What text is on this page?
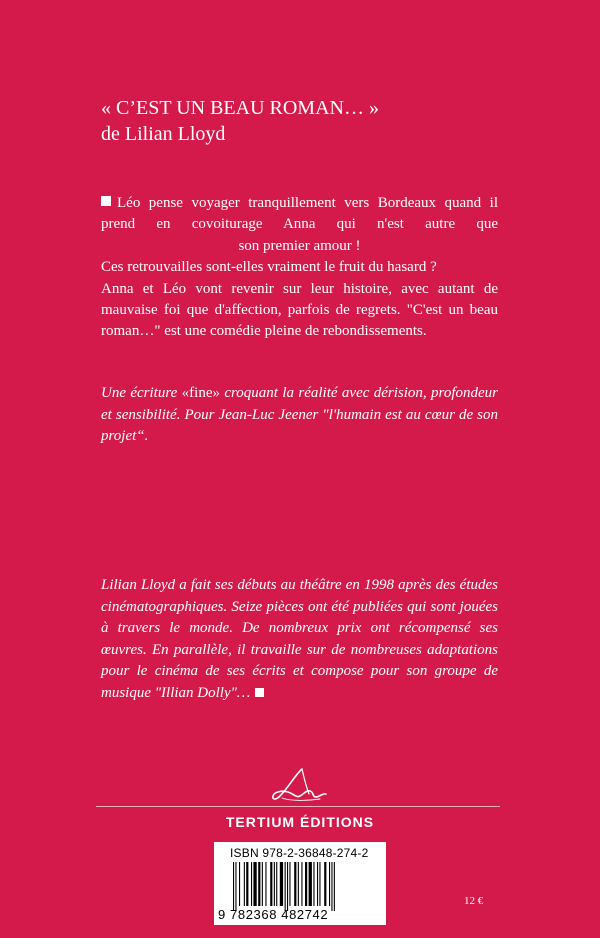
« C’EST UN BEAU ROMAN… »
de Lilian Lloyd

Léo pense voyager tranquillement vers Bordeaux quand il prend en covoiturage Anna qui n'est autre que

son premier amour !

Ces retrouvailles sont-elles vraiment le fruit du hasard ?

Anna et Léo vont revenir sur leur histoire, avec autant de mauvaise foi que d'affection, parfois de regrets. "C'est un beau roman…" est une comédie pleine de rebondissements.

Une écriture «fine» croquant la réalité avec dérision, profondeur et sensibilité. Pour Jean-Luc Jeener "l'humain est au cœur de son projet“.

Lilian Lloyd a fait ses débuts au théâtre en 1998 après des études cinématographiques. Seize pièces ont été publiées qui sont jouées à travers le monde. De nombreux prix ont récompensé ses œuvres. En parallèle, il travaille sur de nombreuses adaptations pour le cinéma de ses écrits et compose pour son groupe de musique "Illian Dolly"…

TERTIUM ÉDITIONS
ISBN 978-2-36848-274-2
9 782368 482742
12 €
